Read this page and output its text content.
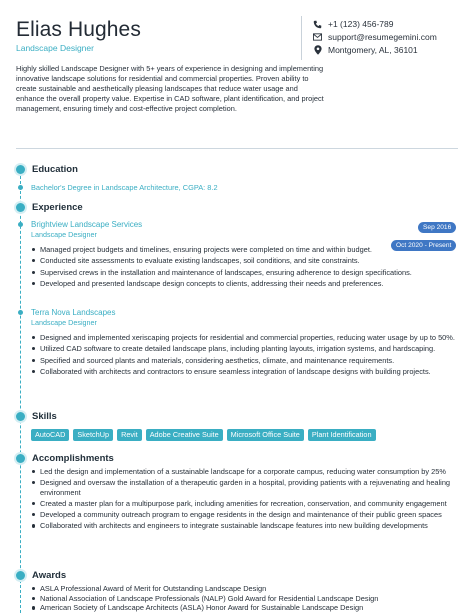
Elias Hughes
Landscape Designer
+1 (123) 456-789
support@resumegemini.com
Montgomery, AL, 36101
Highly skilled Landscape Designer with 5+ years of experience in designing and implementing innovative landscape solutions for residential and commercial properties. Proven ability to create sustainable and aesthetically pleasing landscapes that reduce water usage and enhance the overall property value. Expertise in CAD software, plant identification, and project management, ensuring timely and cost-effective project completion.
Education
Bachelor's Degree in Landscape Architecture, CGPA: 8.2
Experience
Sep 2016
Brightview Landscape Services
Landscape Designer
Oct 2020 - Present
Managed project budgets and timelines, ensuring projects were completed on time and within budget.
Conducted site assessments to evaluate existing landscapes, soil conditions, and site constraints.
Supervised crews in the installation and maintenance of landscapes, ensuring adherence to design specifications.
Developed and presented landscape design concepts to clients, addressing their needs and preferences.
Terra Nova Landscapes
Landscape Designer
Designed and implemented xeriscaping projects for residential and commercial properties, reducing water usage by up to 50%.
Utilized CAD software to create detailed landscape plans, including planting layouts, irrigation systems, and hardscaping.
Specified and sourced plants and materials, considering aesthetics, climate, and maintenance requirements.
Collaborated with architects and contractors to ensure seamless integration of landscape designs with building projects.
Skills
AutoCAD	SketchUp	Revit	Adobe Creative Suite	Microsoft Office Suite	Plant Identification
Accomplishments
Led the design and implementation of a sustainable landscape for a corporate campus, reducing water consumption by 25%
Designed and oversaw the installation of a therapeutic garden in a hospital, providing patients with a rejuvenating and healing environment
Created a master plan for a multipurpose park, including amenities for recreation, conservation, and community engagement
Developed a community outreach program to engage residents in the design and maintenance of their public green spaces
Collaborated with architects and engineers to integrate sustainable landscape features into new building developments
Awards
ASLA Professional Award of Merit for Outstanding Landscape Design
National Association of Landscape Professionals (NALP) Gold Award for Residential Landscape Design
American Society of Landscape Architects (ASLA) Honor Award for Sustainable Landscape Design
